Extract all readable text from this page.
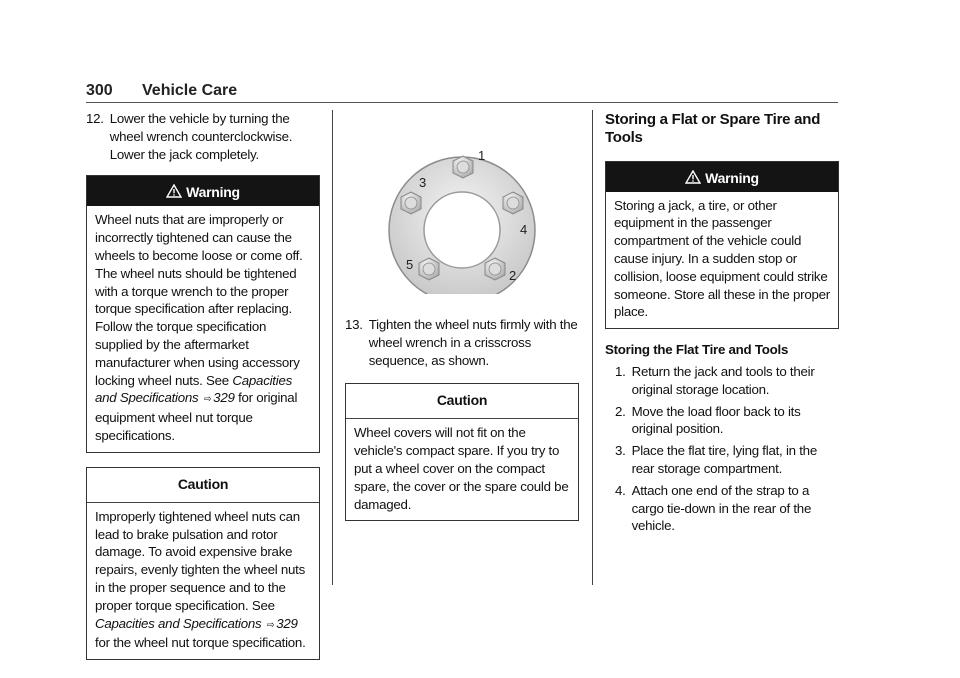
300 Vehicle Care
12. Lower the vehicle by turning the wheel wrench counterclockwise. Lower the jack completely.
Warning
Wheel nuts that are improperly or incorrectly tightened can cause the wheels to become loose or come off. The wheel nuts should be tightened with a torque wrench to the proper torque specification after replacing. Follow the torque specification supplied by the aftermarket manufacturer when using accessory locking wheel nuts. See Capacities and Specifications ⇨ 329 for original equipment wheel nut torque specifications.
Caution
Improperly tightened wheel nuts can lead to brake pulsation and rotor damage. To avoid expensive brake repairs, evenly tighten the wheel nuts in the proper sequence and to the proper torque specification. See Capacities and Specifications ⇨ 329 for the wheel nut torque specification.
1
2
3
4
5
13. Tighten the wheel nuts firmly with the wheel wrench in a crisscross sequence, as shown.
Caution
Wheel covers will not fit on the vehicle's compact spare. If you try to put a wheel cover on the compact spare, the cover or the spare could be damaged.
Storing a Flat or Spare Tire and Tools
Warning
Storing a jack, a tire, or other equipment in the passenger compartment of the vehicle could cause injury. In a sudden stop or collision, loose equipment could strike someone. Store all these in the proper place.
Storing the Flat Tire and Tools
1. Return the jack and tools to their original storage location.
2. Move the load floor back to its original position.
3. Place the flat tire, lying flat, in the rear storage compartment.
4. Attach one end of the strap to a cargo tie-down in the rear of the vehicle.
